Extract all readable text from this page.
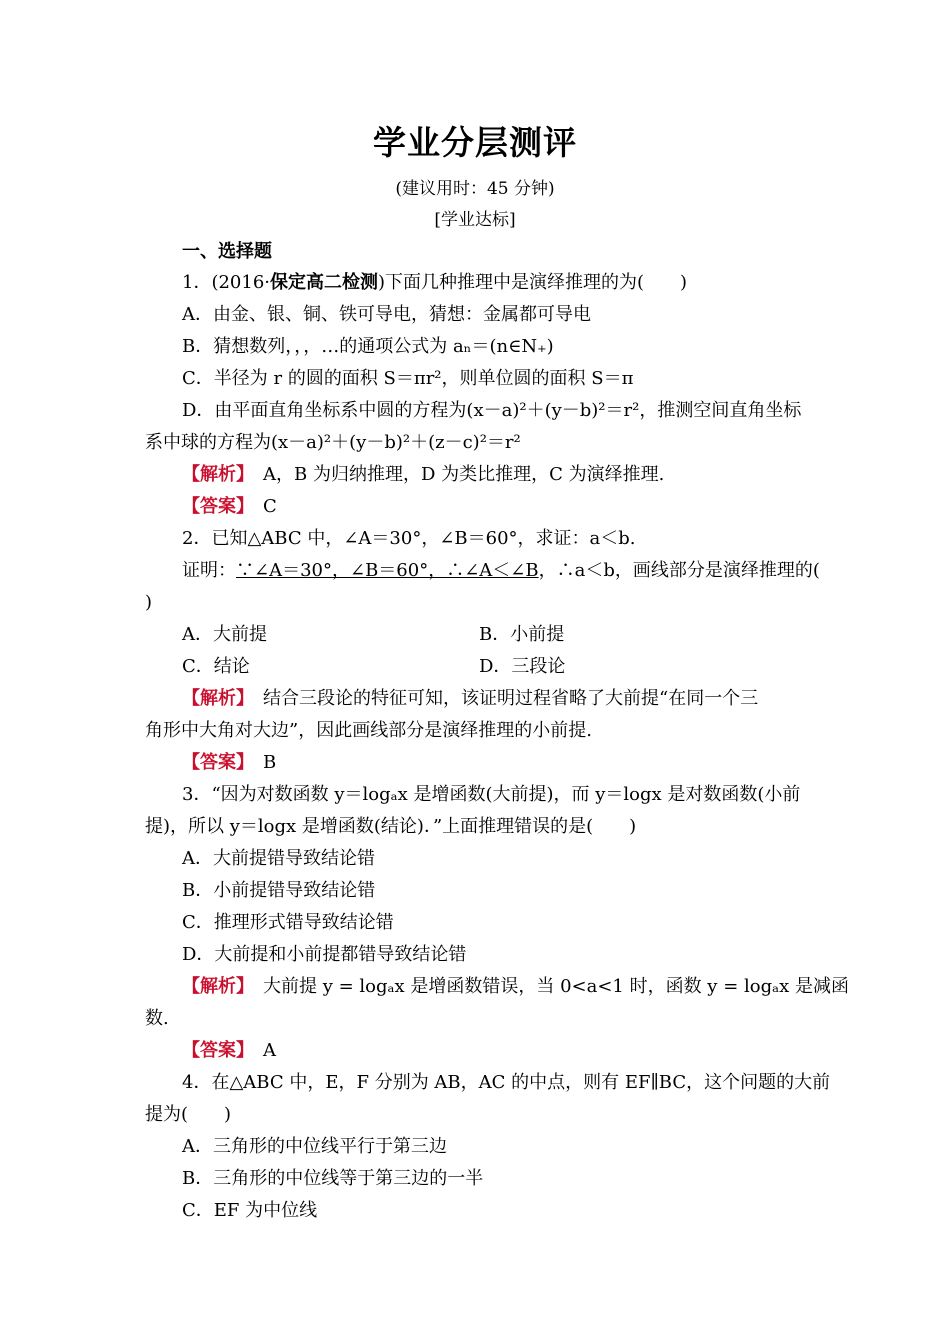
学业分层测评
(建议用时：45 分钟)
[学业达标]
一、选择题
1．(2016·保定高二检测)下面几种推理中是演绎推理的为(　　)
A．由金、银、铜、铁可导电，猜想：金属都可导电
B．猜想数列，，，…的通项公式为 aₙ＝(n∈N₊)
C．半径为 r 的圆的面积 S＝πr²，则单位圆的面积 S＝π
D．由平面直角坐标系中圆的方程为(x－a)²＋(y－b)²＝r²，推测空间直角坐标
系中球的方程为(x－a)²＋(y－b)²＋(z－c)²＝r²
【解析】　 A，B 为归纳推理，D 为类比推理，C 为演绎推理.
【答案】　 C
2．已知△ABC 中，∠A＝30°，∠B＝60°，求证：a＜b.
证明：∵∠A＝30°，∠B＝60°，∴∠A＜∠B，∴a＜b，画线部分是演绎推理的(
)
A．大前提	B．小前提
C．结论	D．三段论
【解析】　 结合三段论的特征可知，该证明过程省略了大前提“在同一个三
角形中大角对大边”，因此画线部分是演绎推理的小前提.
【答案】　 B
3．“因为对数函数 y＝logₐx 是增函数(大前提)，而 y＝logx 是对数函数(小前
提)，所以 y＝logx 是增函数(结论)．”上面推理错误的是(　　)
A．大前提错导致结论错
B．小前提错导致结论错
C．推理形式错导致结论错
D．大前提和小前提都错导致结论错
【解析】　 大前提 y = logₐx 是增函数错误，当 0<a<1 时，函数 y = logₐx 是减函
数.
【答案】　 A
4．在△ABC 中，E，F 分别为 AB，AC 的中点，则有 EF∥BC，这个问题的大前
提为(　　)
A．三角形的中位线平行于第三边
B．三角形的中位线等于第三边的一半
C．EF 为中位线
